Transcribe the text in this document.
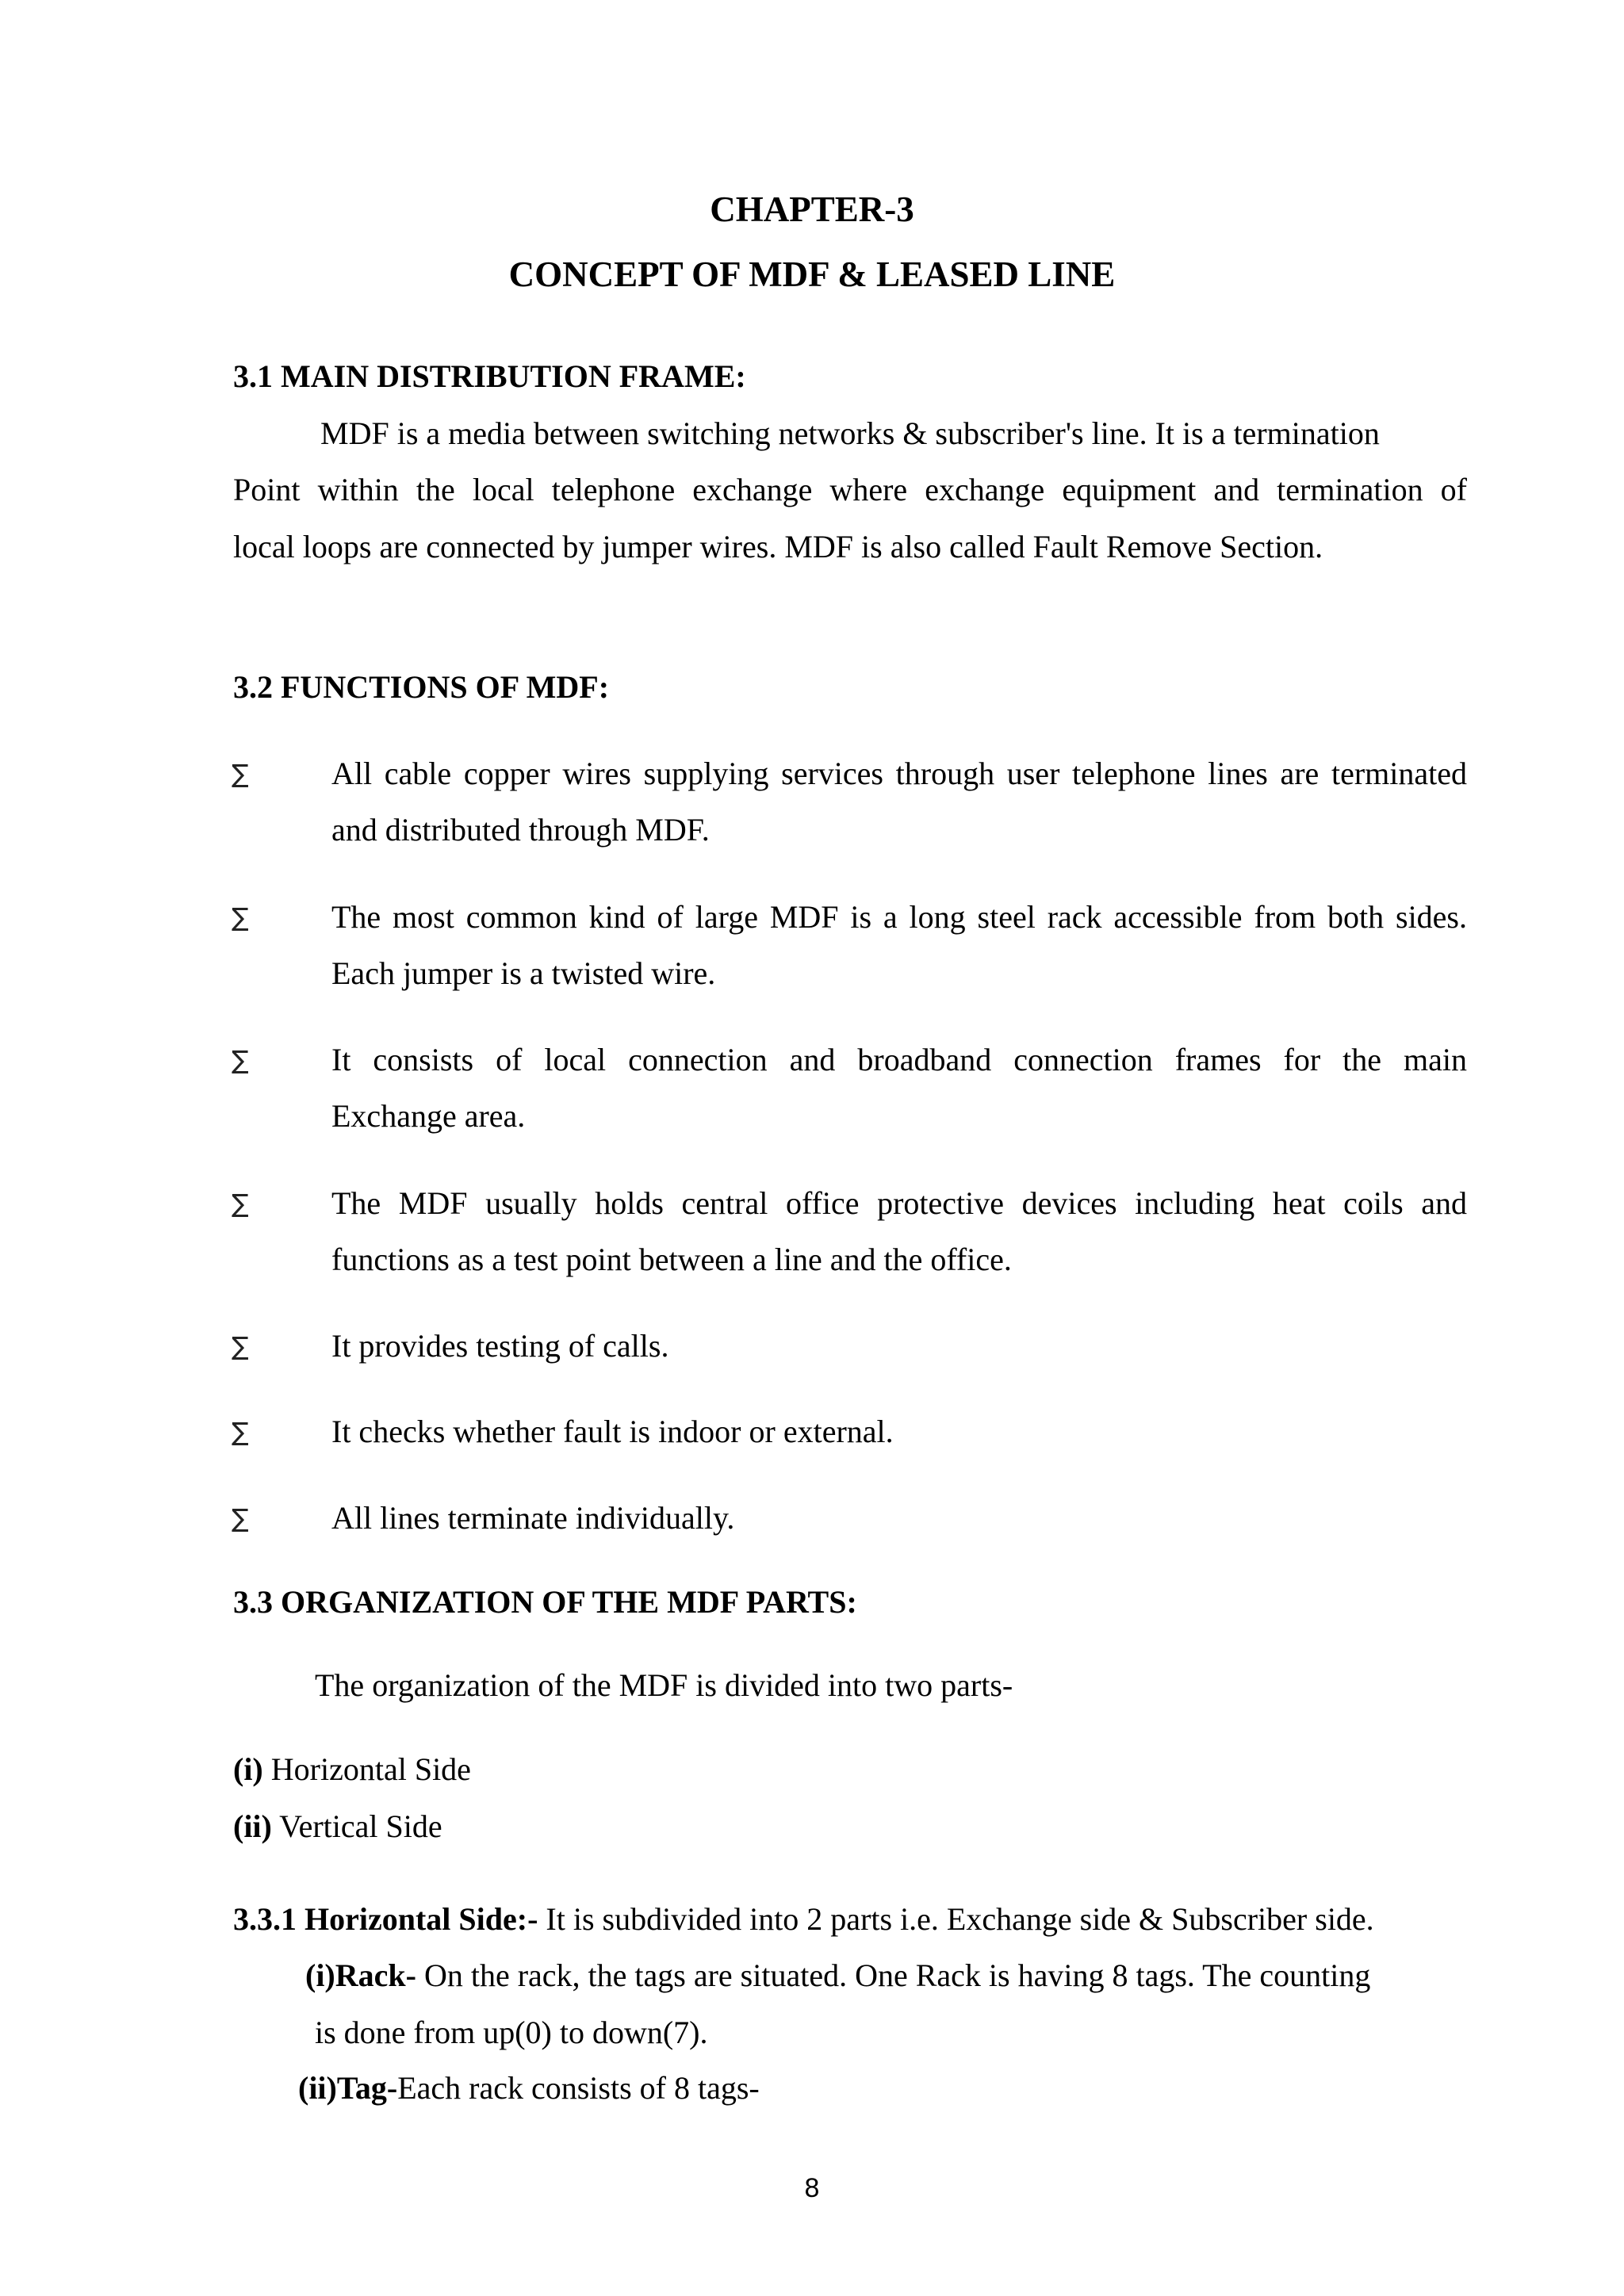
CHAPTER-3
CONCEPT OF MDF & LEASED LINE
3.1 MAIN DISTRIBUTION FRAME:
MDF is a media between switching networks & subscriber's line. It is a termination
Point within the local telephone exchange where exchange equipment and termination of
local loops are connected by jumper wires. MDF is also called Fault Remove Section.
3.2 FUNCTIONS OF MDF:
∑	All cable copper wires supplying services through user telephone lines are terminated
and distributed through MDF.
∑	The most common kind of large MDF is a long steel rack accessible from both sides.
Each jumper is a twisted wire.
∑	It consists of local connection and broadband connection frames for the main
Exchange area.
∑	The MDF usually holds central office protective devices including heat coils and
functions as a test point between a line and the office.
∑	It provides testing of calls.
∑	It checks whether fault is indoor or external.
∑	All lines terminate individually.
3.3 ORGANIZATION OF THE MDF PARTS:
The organization of the MDF is divided into two parts-
(i) Horizontal Side
(ii) Vertical Side
3.3.1 Horizontal Side:- It is subdivided into 2 parts i.e. Exchange side & Subscriber side.
(i)Rack- On the rack, the tags are situated. One Rack is having 8 tags. The counting
is done from up(0) to down(7).
(ii)Tag-Each rack consists of 8 tags-
8
